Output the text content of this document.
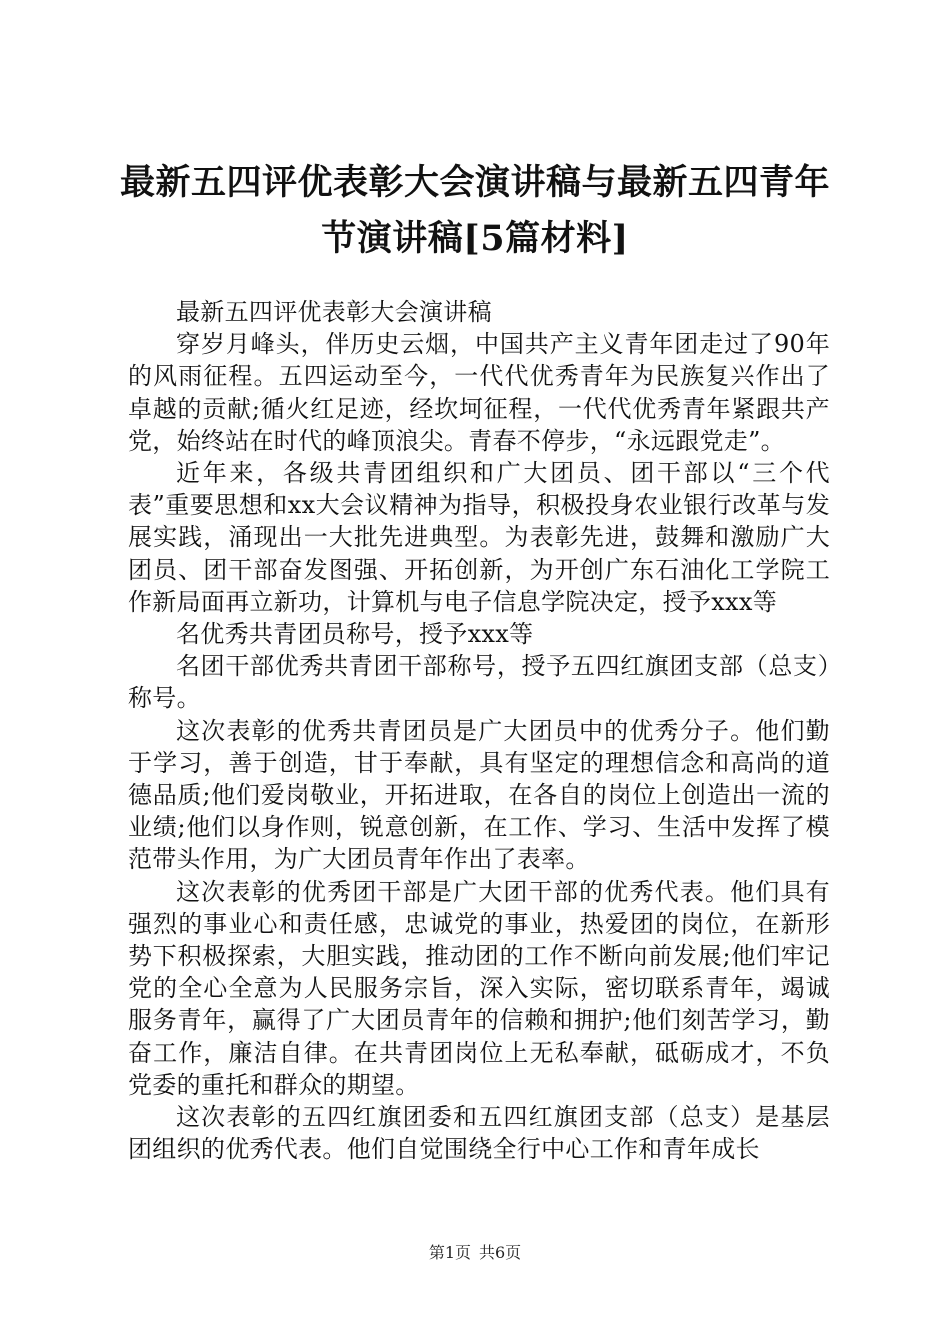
最新五四评优表彰大会演讲稿与最新五四青年节演讲稿[5篇材料]

最新五四评优表彰大会演讲稿

穿岁月峰头，伴历史云烟，中国共产主义青年团走过了90年的风雨征程。五四运动至今，一代代优秀青年为民族复兴作出了卓越的贡献;循火红足迹，经坎坷征程，一代代优秀青年紧跟共产党，始终站在时代的峰顶浪尖。青春不停步，“永远跟党走”。

近年来，各级共青团组织和广大团员、团干部以“三个代表”重要思想和xx大会议精神为指导，积极投身农业银行改革与发展实践，涌现出一大批先进典型。为表彰先进，鼓舞和激励广大团员、团干部奋发图强、开拓创新，为开创广东石油化工学院工作新局面再立新功，计算机与电子信息学院决定，授予xxx等

名优秀共青团员称号，授予xxx等

名团干部优秀共青团干部称号，授予五四红旗团支部（总支）称号。

这次表彰的优秀共青团员是广大团员中的优秀分子。他们勤于学习，善于创造，甘于奉献，具有坚定的理想信念和高尚的道德品质;他们爱岗敬业，开拓进取，在各自的岗位上创造出一流的业绩;他们以身作则，锐意创新，在工作、学习、生活中发挥了模范带头作用，为广大团员青年作出了表率。

这次表彰的优秀团干部是广大团干部的优秀代表。他们具有强烈的事业心和责任感，忠诚党的事业，热爱团的岗位，在新形势下积极探索，大胆实践，推动团的工作不断向前发展;他们牢记党的全心全意为人民服务宗旨，深入实际，密切联系青年，竭诚服务青年，赢得了广大团员青年的信赖和拥护;他们刻苦学习，勤奋工作，廉洁自律。在共青团岗位上无私奉献，砥砺成才，不负党委的重托和群众的期望。

这次表彰的五四红旗团委和五四红旗团支部（总支）是基层团组织的优秀代表。他们自觉围绕全行中心工作和青年成长

第1页 共6页
